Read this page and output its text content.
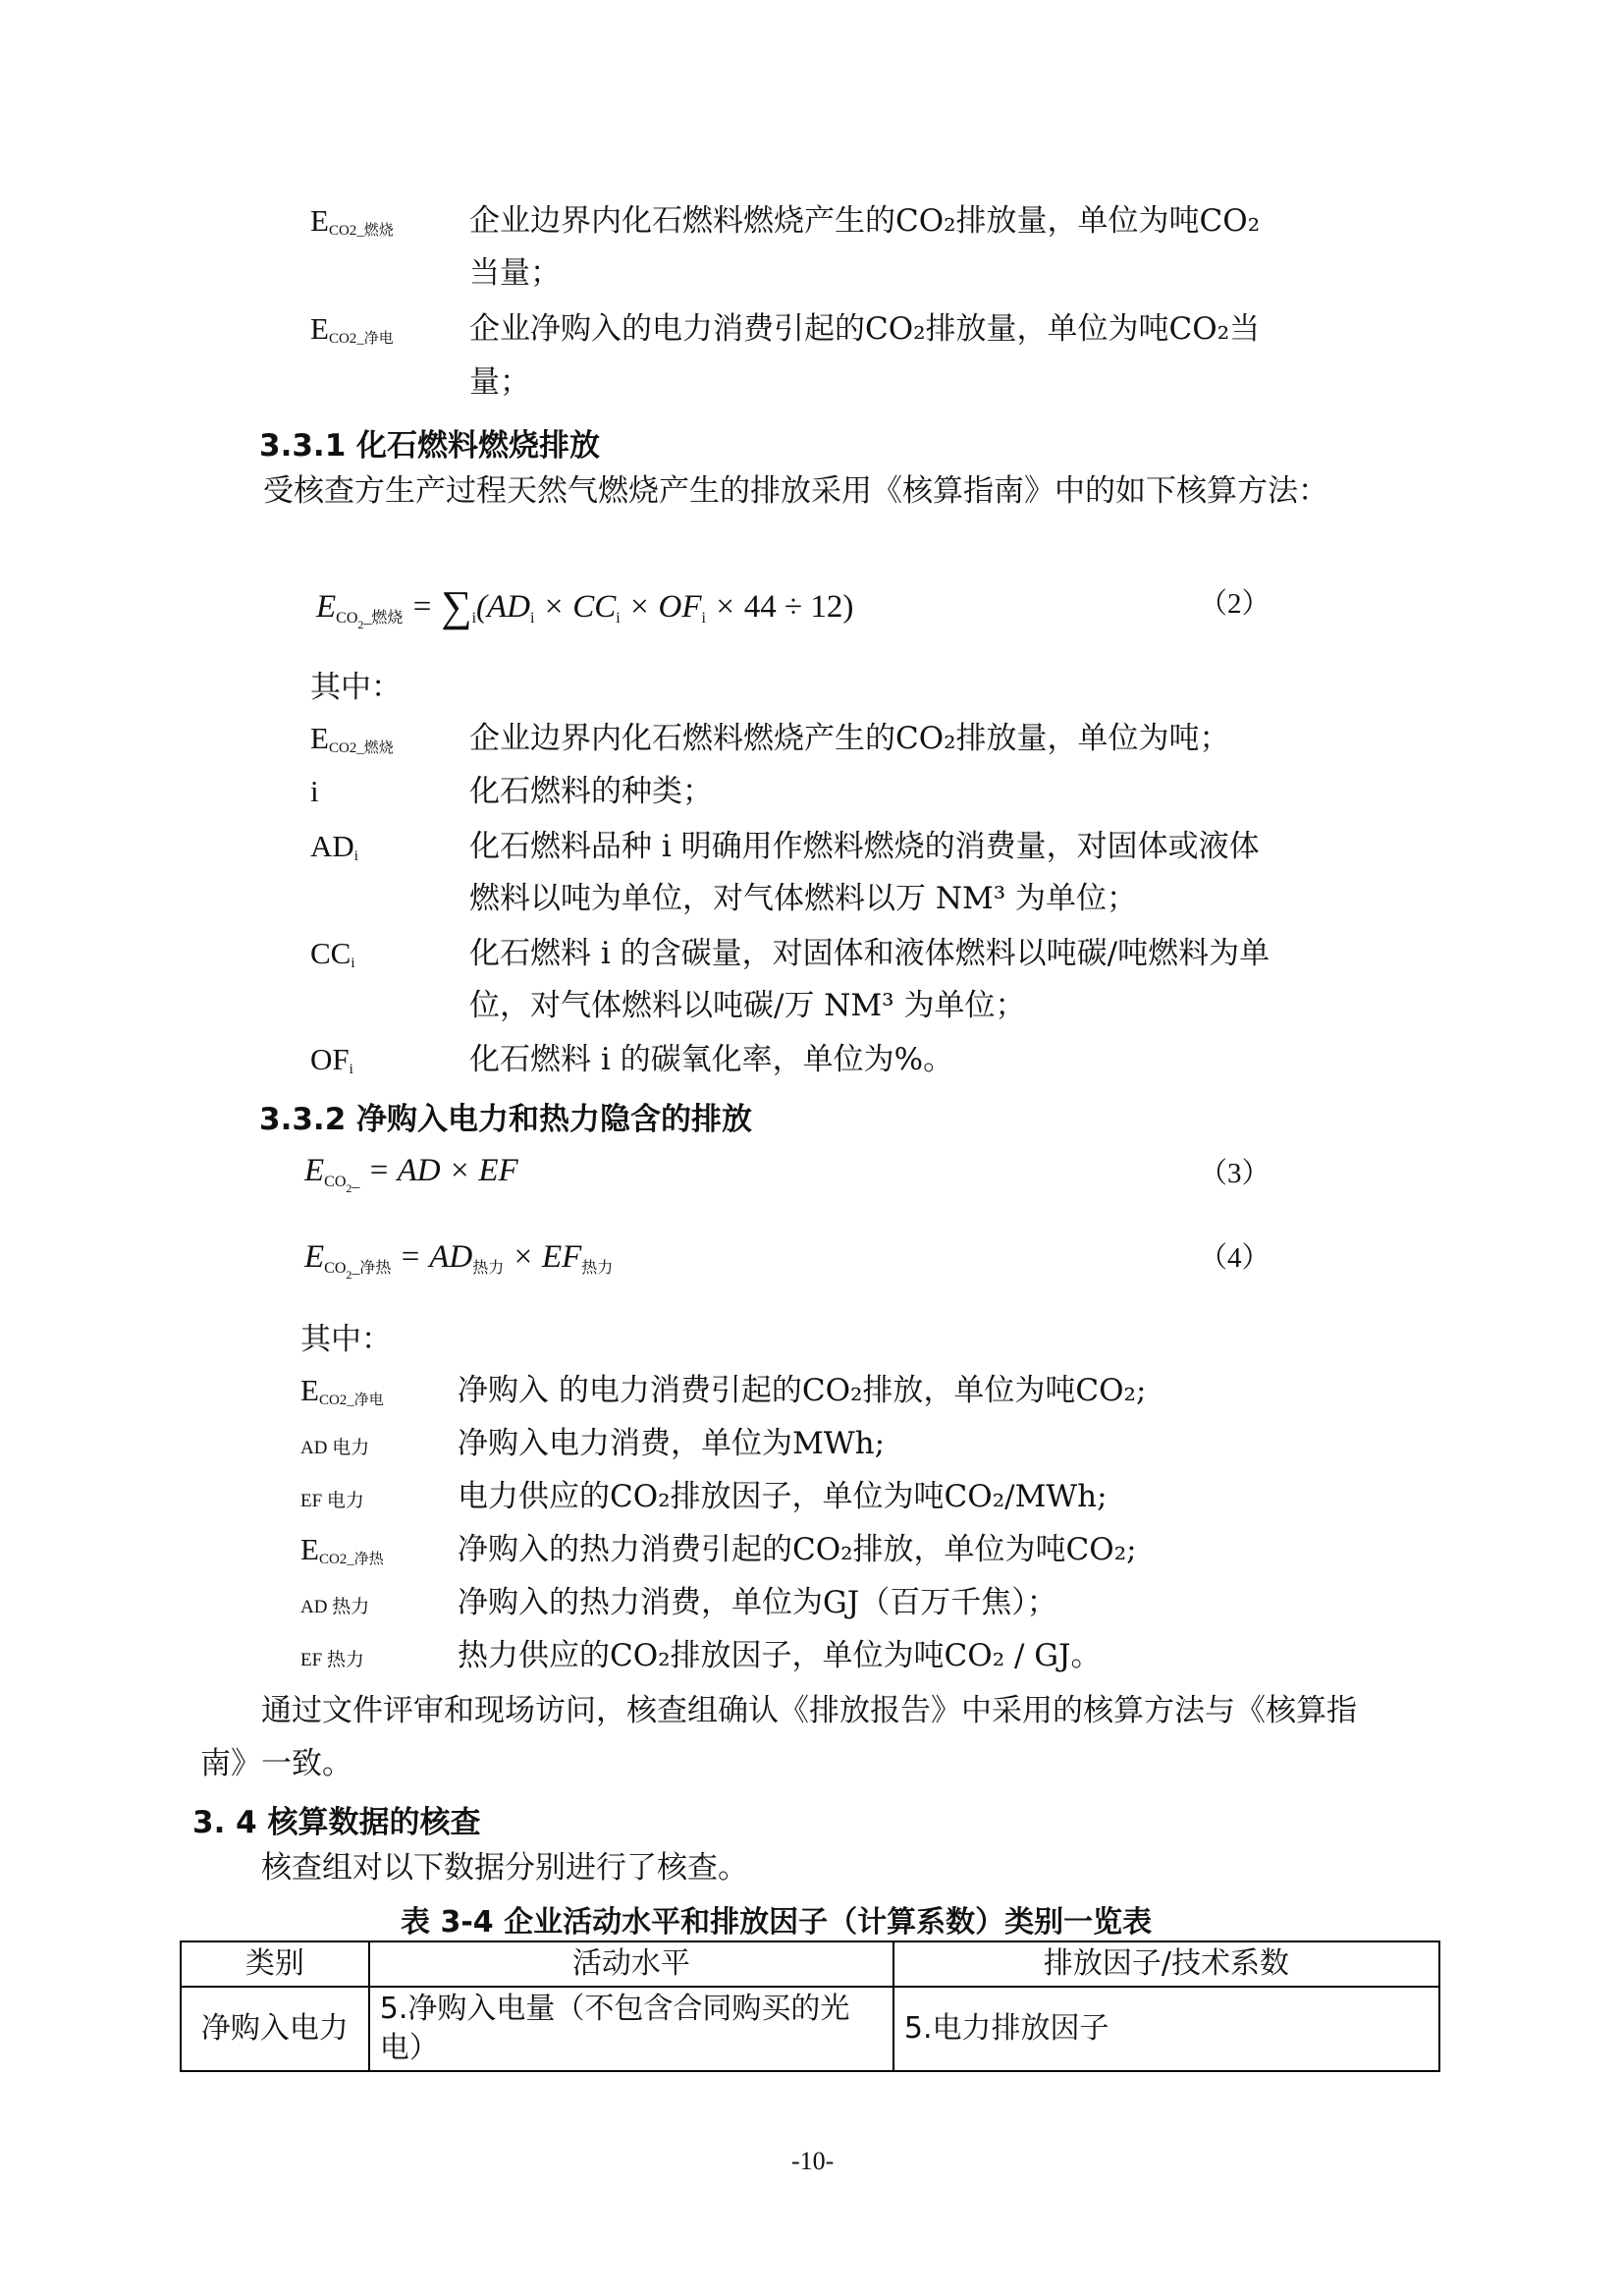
$E_{CO2\_燃烧}$ 企业边界内化石燃料燃烧产生的CO₂排放量，单位为吨CO₂
当量；
$E_{CO2\_净电}$ 企业净购入的电力消费引起的CO₂排放量，单位为吨CO₂当
量；
3.3.1 化石燃料燃烧排放
受核查方生产过程天然气燃烧产生的排放采用《核算指南》中的如下核算方法：
$E_{CO_2\_燃烧} = \sum_i(AD_i \times CC_i \times OF_i \times 44 \div 12)$	（2）
其中：
$E_{CO2\_燃烧}$ 企业边界内化石燃料燃烧产生的CO₂排放量，单位为吨；
i	化石燃料的种类；
$AD_i$	化石燃料品种 i 明确用作燃料燃烧的消费量，对固体或液体
燃料以吨为单位，对气体燃料以万 NM³ 为单位；
$CC_i$	化石燃料 i 的含碳量，对固体和液体燃料以吨碳/吨燃料为单
位，对气体燃料以吨碳/万 NM³ 为单位；
$OF_i$	化石燃料 i 的碳氧化率，单位为%。
3.3.2 净购入电力和热力隐含的排放
$E_{CO_2\_}$ = AD × EF	（3）
$E_{CO_2\_净热} = AD_{热力} \times EF_{热力}$	（4）
其中：
$E_{CO2\_净电}$ 净购入 的电力消费引起的CO₂排放，单位为吨CO₂;
AD 电力	净购入电力消费，单位为MWh;
EF 电力	电力供应的CO₂排放因子，单位为吨CO₂/MWh;
$E_{CO2\_净热}$ 净购入的热力消费引起的CO₂排放，单位为吨CO₂;
AD 热力	净购入的热力消费，单位为GJ（百万千焦）；
EF 热力	热力供应的CO₂排放因子，单位为吨CO₂ / GJ。
通过文件评审和现场访问，核查组确认《排放报告》中采用的核算方法与《核算指
南》一致。
3. 4 核算数据的核查
核查组对以下数据分别进行了核查。
表 3-4 企业活动水平和排放因子（计算系数）类别一览表
类别	活动水平	排放因子/技术系数
净购入电力	5.净购入电量（不包含合同购买的光电）	5.电力排放因子
-10-
